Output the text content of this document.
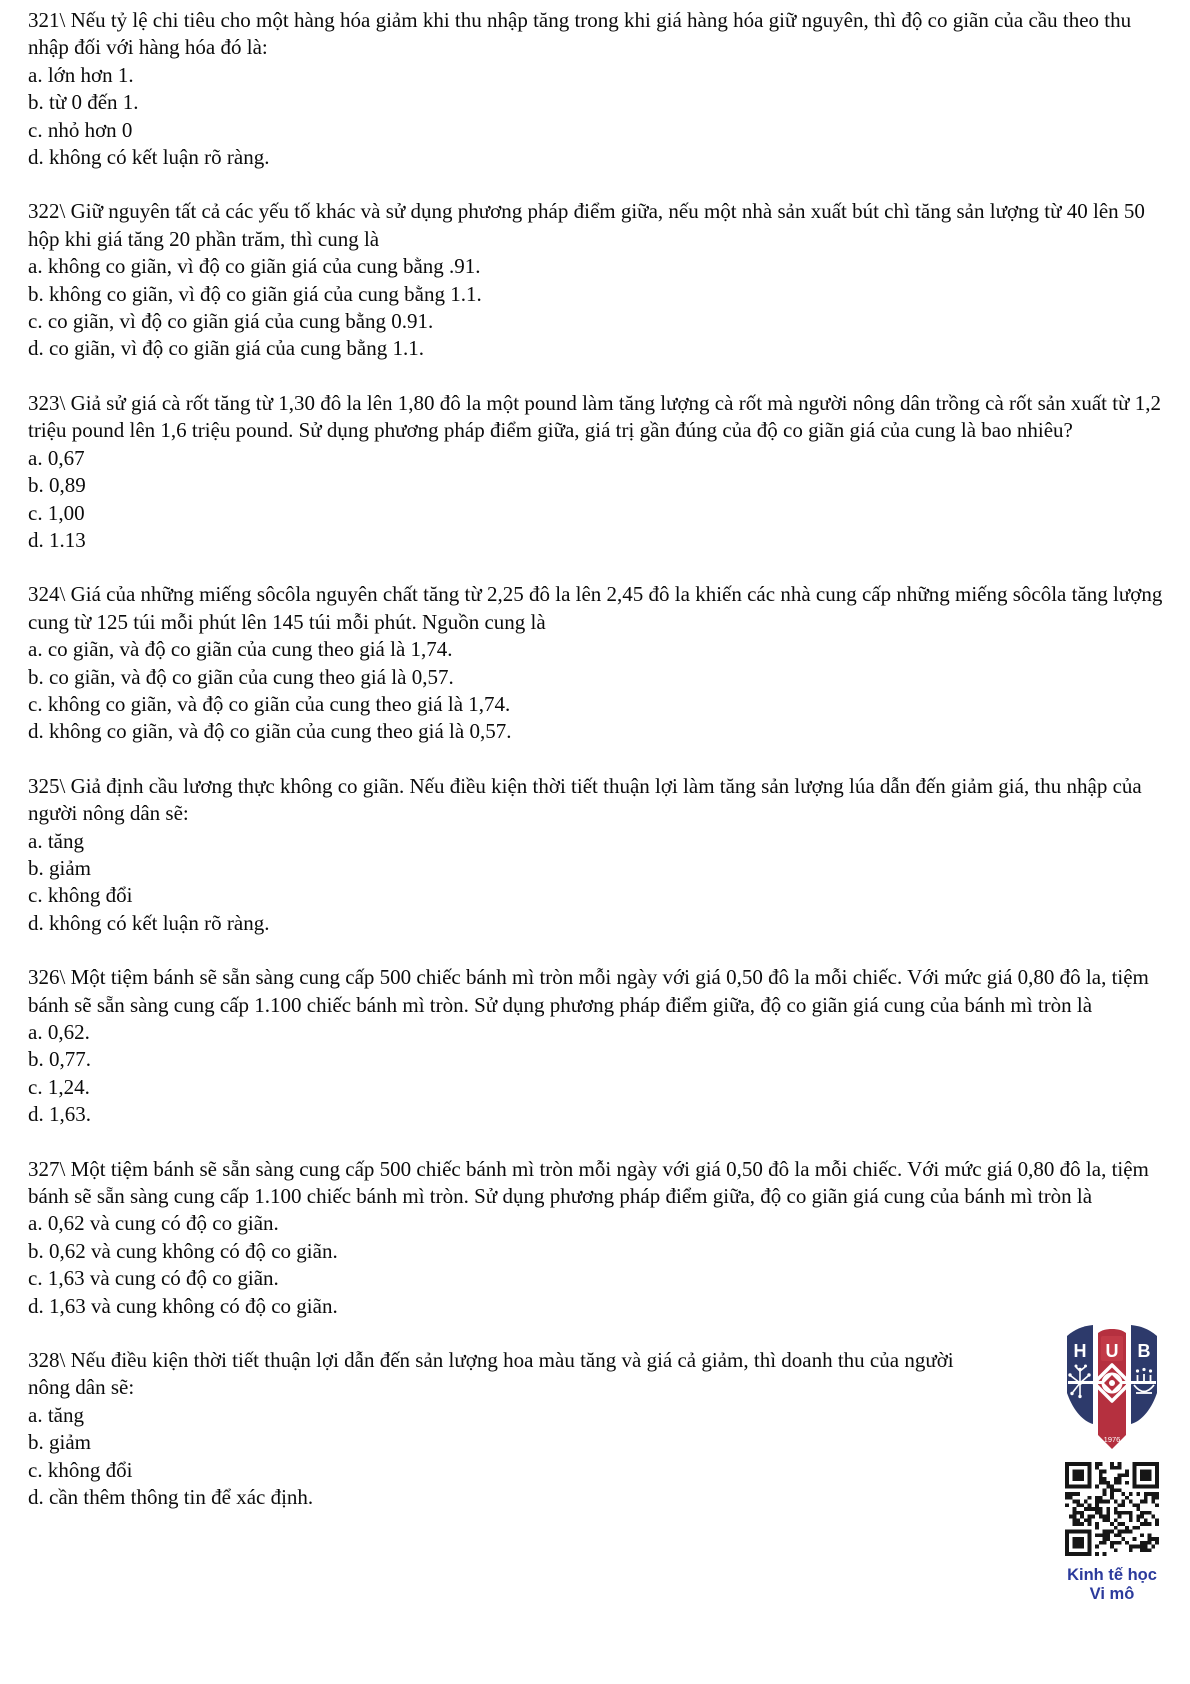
321\ Nếu tỷ lệ chi tiêu cho một hàng hóa giảm khi thu nhập tăng trong khi giá hàng hóa giữ nguyên, thì độ co giãn của cầu theo thu nhập đối với hàng hóa đó là:

a. lớn hơn 1.

b. từ 0 đến 1.

c. nhỏ hơn 0

d. không có kết luận rõ ràng.

322\ Giữ nguyên tất cả các yếu tố khác và sử dụng phương pháp điểm giữa, nếu một nhà sản xuất bút chì tăng sản lượng từ 40 lên 50 hộp khi giá tăng 20 phần trăm, thì cung là

a. không co giãn, vì độ co giãn giá của cung bằng .91.

b. không co giãn, vì độ co giãn giá của cung bằng 1.1.

c. co giãn, vì độ co giãn giá của cung bằng 0.91.

d. co giãn, vì độ co giãn giá của cung bằng 1.1.

323\ Giả sử giá cà rốt tăng từ 1,30 đô la lên 1,80 đô la một pound làm tăng lượng cà rốt mà người nông dân trồng cà rốt sản xuất từ 1,2 triệu pound lên 1,6 triệu pound. Sử dụng phương pháp điểm giữa, giá trị gần đúng của độ co giãn giá của cung là bao nhiêu?

a. 0,67

b. 0,89

c. 1,00

d. 1.13

324\ Giá của những miếng sôcôla nguyên chất tăng từ 2,25 đô la lên 2,45 đô la khiến các nhà cung cấp những miếng sôcôla tăng lượng cung từ 125 túi mỗi phút lên 145 túi mỗi phút. Nguồn cung là

a. co giãn, và độ co giãn của cung theo giá là 1,74.

b. co giãn, và độ co giãn của cung theo giá là 0,57.

c. không co giãn, và độ co giãn của cung theo giá là 1,74.

d. không co giãn, và độ co giãn của cung theo giá là 0,57.

325\ Giả định cầu lương thực không co giãn. Nếu điều kiện thời tiết thuận lợi làm tăng sản lượng lúa dẫn đến giảm giá, thu nhập của người nông dân sẽ:

a. tăng

b. giảm

c. không đổi

d. không có kết luận rõ ràng.

326\ Một tiệm bánh sẽ sẵn sàng cung cấp 500 chiếc bánh mì tròn mỗi ngày với giá 0,50 đô la mỗi chiếc. Với mức giá 0,80 đô la, tiệm bánh sẽ sẵn sàng cung cấp 1.100 chiếc bánh mì tròn. Sử dụng phương pháp điểm giữa, độ co giãn giá cung của bánh mì tròn là

a. 0,62.

b. 0,77.

c. 1,24.

d. 1,63.

327\ Một tiệm bánh sẽ sẵn sàng cung cấp 500 chiếc bánh mì tròn mỗi ngày với giá 0,50 đô la mỗi chiếc. Với mức giá 0,80 đô la, tiệm bánh sẽ sẵn sàng cung cấp 1.100 chiếc bánh mì tròn. Sử dụng phương pháp điểm giữa, độ co giãn giá cung của bánh mì tròn là

a. 0,62 và cung có độ co giãn.

b. 0,62 và cung không có độ co giãn.

c. 1,63 và cung có độ co giãn.

d. 1,63 và cung không có độ co giãn.

328\ Nếu điều kiện thời tiết thuận lợi dẫn đến sản lượng hoa màu tăng và giá cả giảm, thì doanh thu của người nông dân sẽ:

a. tăng

b. giảm

c. không đổi

d. cần thêm thông tin để xác định.

H U B
1976
Kinh tế học
Vi mô
